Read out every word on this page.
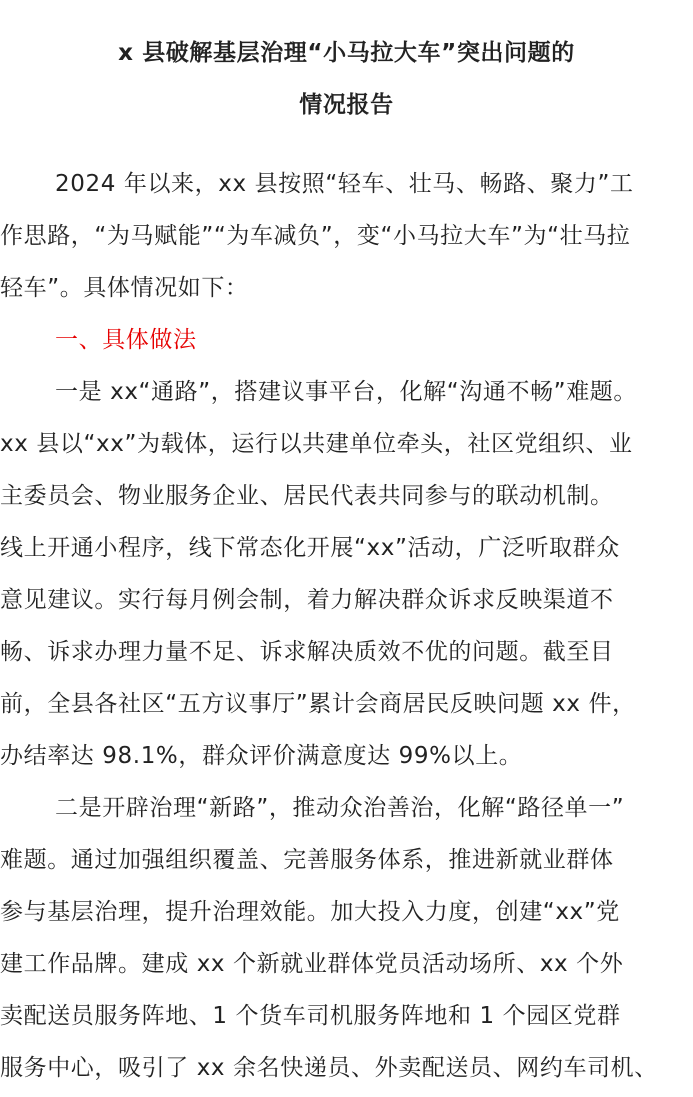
x 县破解基层治理“小马拉大车”突出问题的
情况报告
2024 年以来，xx 县按照“轻车、壮马、畅路、聚力”工
作思路，“为马赋能”“为车减负”，变“小马拉大车”为“壮马拉
轻车”。具体情况如下：
一、具体做法
一是 xx“通路”，搭建议事平台，化解“沟通不畅”难题。
xx 县以“xx”为载体，运行以共建单位牵头，社区党组织、业
主委员会、物业服务企业、居民代表共同参与的联动机制。
线上开通小程序，线下常态化开展“xx”活动，广泛听取群众
意见建议。实行每月例会制，着力解决群众诉求反映渠道不
畅、诉求办理力量不足、诉求解决质效不优的问题。截至目
前，全县各社区“五方议事厅”累计会商居民反映问题 xx 件，
办结率达 98.1%，群众评价满意度达 99%以上。
二是开辟治理“新路”，推动众治善治，化解“路径单一”
难题。通过加强组织覆盖、完善服务体系，推进新就业群体
参与基层治理，提升治理效能。加大投入力度，创建“xx”党
建工作品牌。建成 xx 个新就业群体党员活动场所、xx 个外
卖配送员服务阵地、1 个货车司机服务阵地和 1 个园区党群
服务中心，吸引了 xx 余名快递员、外卖配送员、网约车司机、
